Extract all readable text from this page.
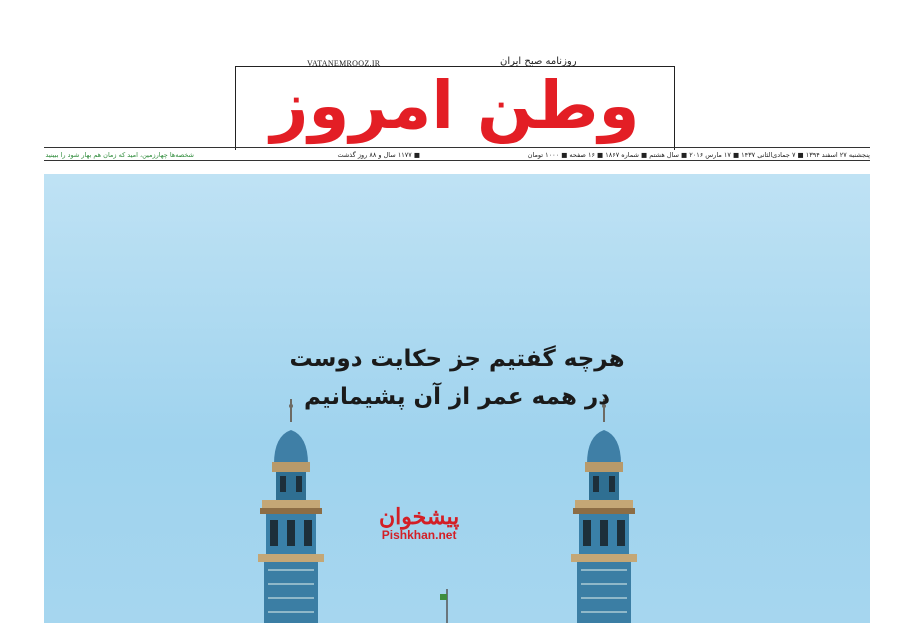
روزنامه صبح ایران
VATANEMROOZ.IR
وطن امروز
پنجشنبه ۲۷ اسفند ۱۳۹۴ ■ ۷ جمادی‌الثانی ۱۴۳۷ ■ ۱۷ مارس ۲۰۱۶ ■ سال هشتم ■ شماره ۱۸۶۷ ■ ۱۶ صفحه ■ ۱۰۰۰ تومان
■ ۱۱۷۷ سال و ۸۸ روز گذشت
شخصه‌ها چهارزمین، امید که زمان هم بهار شود را ببینید
هرچه گفتیم جز حکایت دوست
در همه عمر از آن پشیمانیم
پیشخوان
Pishkhan.net
